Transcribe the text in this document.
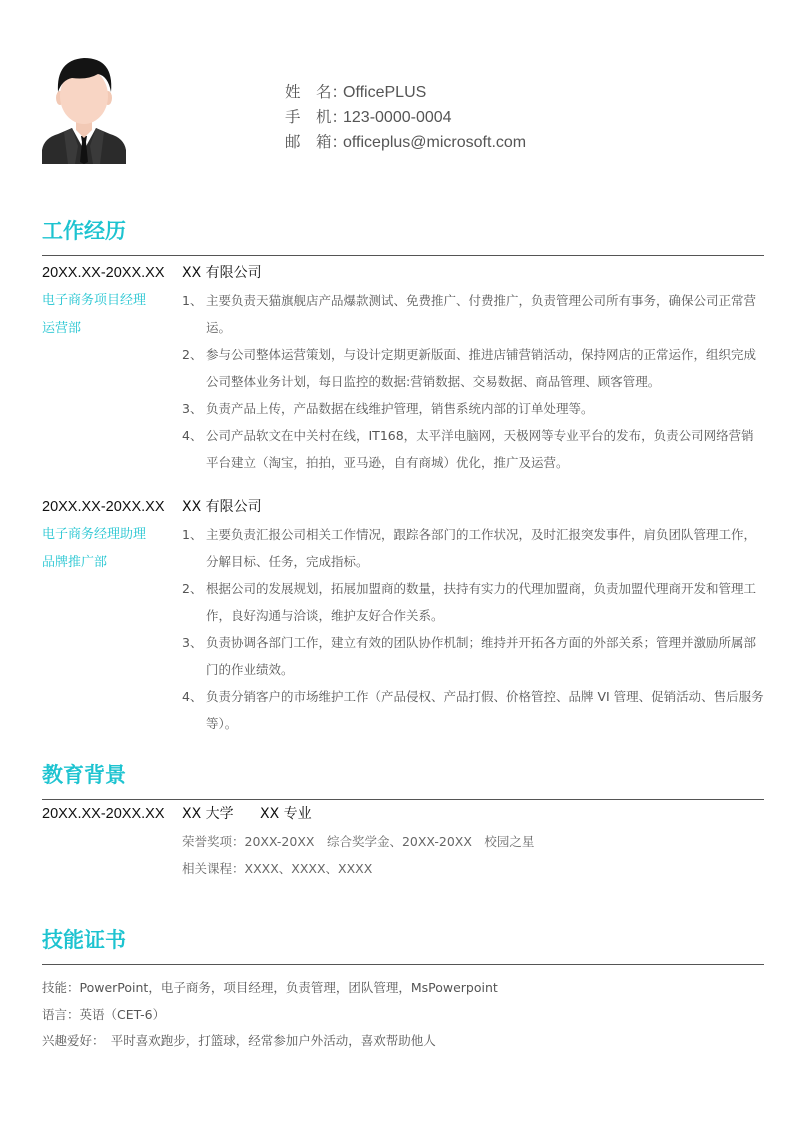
姓　名：OfficePLUS
手　机：123-0000-0004
邮　箱：officeplus@microsoft.com
工作经历
20XX.XX-20XX.XX XX 有限公司
电子商务项目经理
运营部
1、 主要负责天猫旗舰店产品爆款测试、免费推广、付费推广，负责管理公司所有事务，确保公司正常营运。
2、 参与公司整体运营策划，与设计定期更新版面、推进店铺营销活动，保持网店的正常运作，组织完成公司整体业务计划，每日监控的数据:营销数据、交易数据、商品管理、顾客管理。
3、 负责产品上传，产品数据在线维护管理，销售系统内部的订单处理等。
4、 公司产品软文在中关村在线，IT168，太平洋电脑网，天极网等专业平台的发布，负责公司网络营销平台建立（淘宝，拍拍，亚马逊，自有商城）优化，推广及运营。
20XX.XX-20XX.XX XX 有限公司
电子商务经理助理
品牌推广部
1、 主要负责汇报公司相关工作情况，跟踪各部门的工作状况，及时汇报突发事件，肩负团队管理工作，分解目标、任务，完成指标。
2、 根据公司的发展规划，拓展加盟商的数量，扶持有实力的代理加盟商，负责加盟代理商开发和管理工作，良好沟通与洽谈，维护友好合作关系。
3、 负责协调各部门工作，建立有效的团队协作机制；维持并开拓各方面的外部关系；管理并激励所属部门的作业绩效。
4、 负责分销客户的市场维护工作（产品侵权、产品打假、价格管控、品牌 VI 管理、促销活动、售后服务等）。
教育背景
20XX.XX-20XX.XX XX 大学 XX 专业
荣誉奖项：20XX-20XX　综合奖学金、20XX-20XX　校园之星
相关课程：XXXX、XXXX、XXXX
技能证书
技能：PowerPoint，电子商务，项目经理，负责管理，团队管理，MsPowerpoint
语言：英语（CET-6）
兴趣爱好：　平时喜欢跑步，打篮球，经常参加户外活动，喜欢帮助他人
